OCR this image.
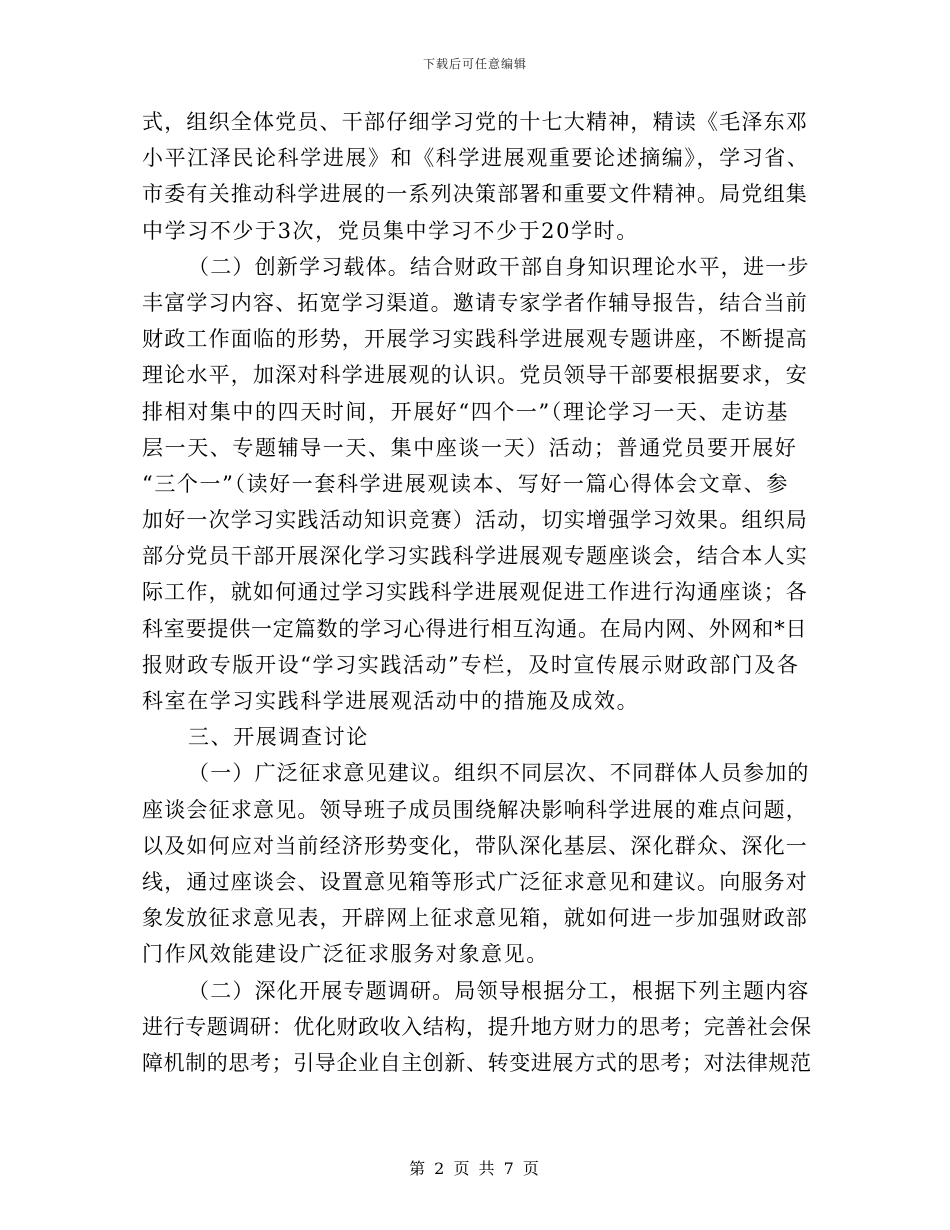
下载后可任意编辑
式，组织全体党员、干部仔细学习党的十七大精神，精读《毛泽东邓
小平江泽民论科学进展》和《科学进展观重要论述摘编》，学习省、
市委有关推动科学进展的一系列决策部署和重要文件精神。局党组集
中学习不少于3次，党员集中学习不少于20学时。
（二）创新学习载体。结合财政干部自身知识理论水平，进一步
丰富学习内容、拓宽学习渠道。邀请专家学者作辅导报告，结合当前
财政工作面临的形势，开展学习实践科学进展观专题讲座，不断提高
理论水平，加深对科学进展观的认识。党员领导干部要根据要求，安
排相对集中的四天时间，开展好“四个一”（理论学习一天、走访基
层一天、专题辅导一天、集中座谈一天）活动；普通党员要开展好
“三个一”（读好一套科学进展观读本、写好一篇心得体会文章、参
加好一次学习实践活动知识竞赛）活动，切实增强学习效果。组织局
部分党员干部开展深化学习实践科学进展观专题座谈会，结合本人实
际工作，就如何通过学习实践科学进展观促进工作进行沟通座谈；各
科室要提供一定篇数的学习心得进行相互沟通。在局内网、外网和*日
报财政专版开设“学习实践活动”专栏，及时宣传展示财政部门及各
科室在学习实践科学进展观活动中的措施及成效。
三、开展调查讨论
（一）广泛征求意见建议。组织不同层次、不同群体人员参加的
座谈会征求意见。领导班子成员围绕解决影响科学进展的难点问题，
以及如何应对当前经济形势变化，带队深化基层、深化群众、深化一
线，通过座谈会、设置意见箱等形式广泛征求意见和建议。向服务对
象发放征求意见表，开辟网上征求意见箱，就如何进一步加强财政部
门作风效能建设广泛征求服务对象意见。
（二）深化开展专题调研。局领导根据分工，根据下列主题内容
进行专题调研：优化财政收入结构，提升地方财力的思考；完善社会保
障机制的思考；引导企业自主创新、转变进展方式的思考；对法律规范
第 2 页 共 7 页
